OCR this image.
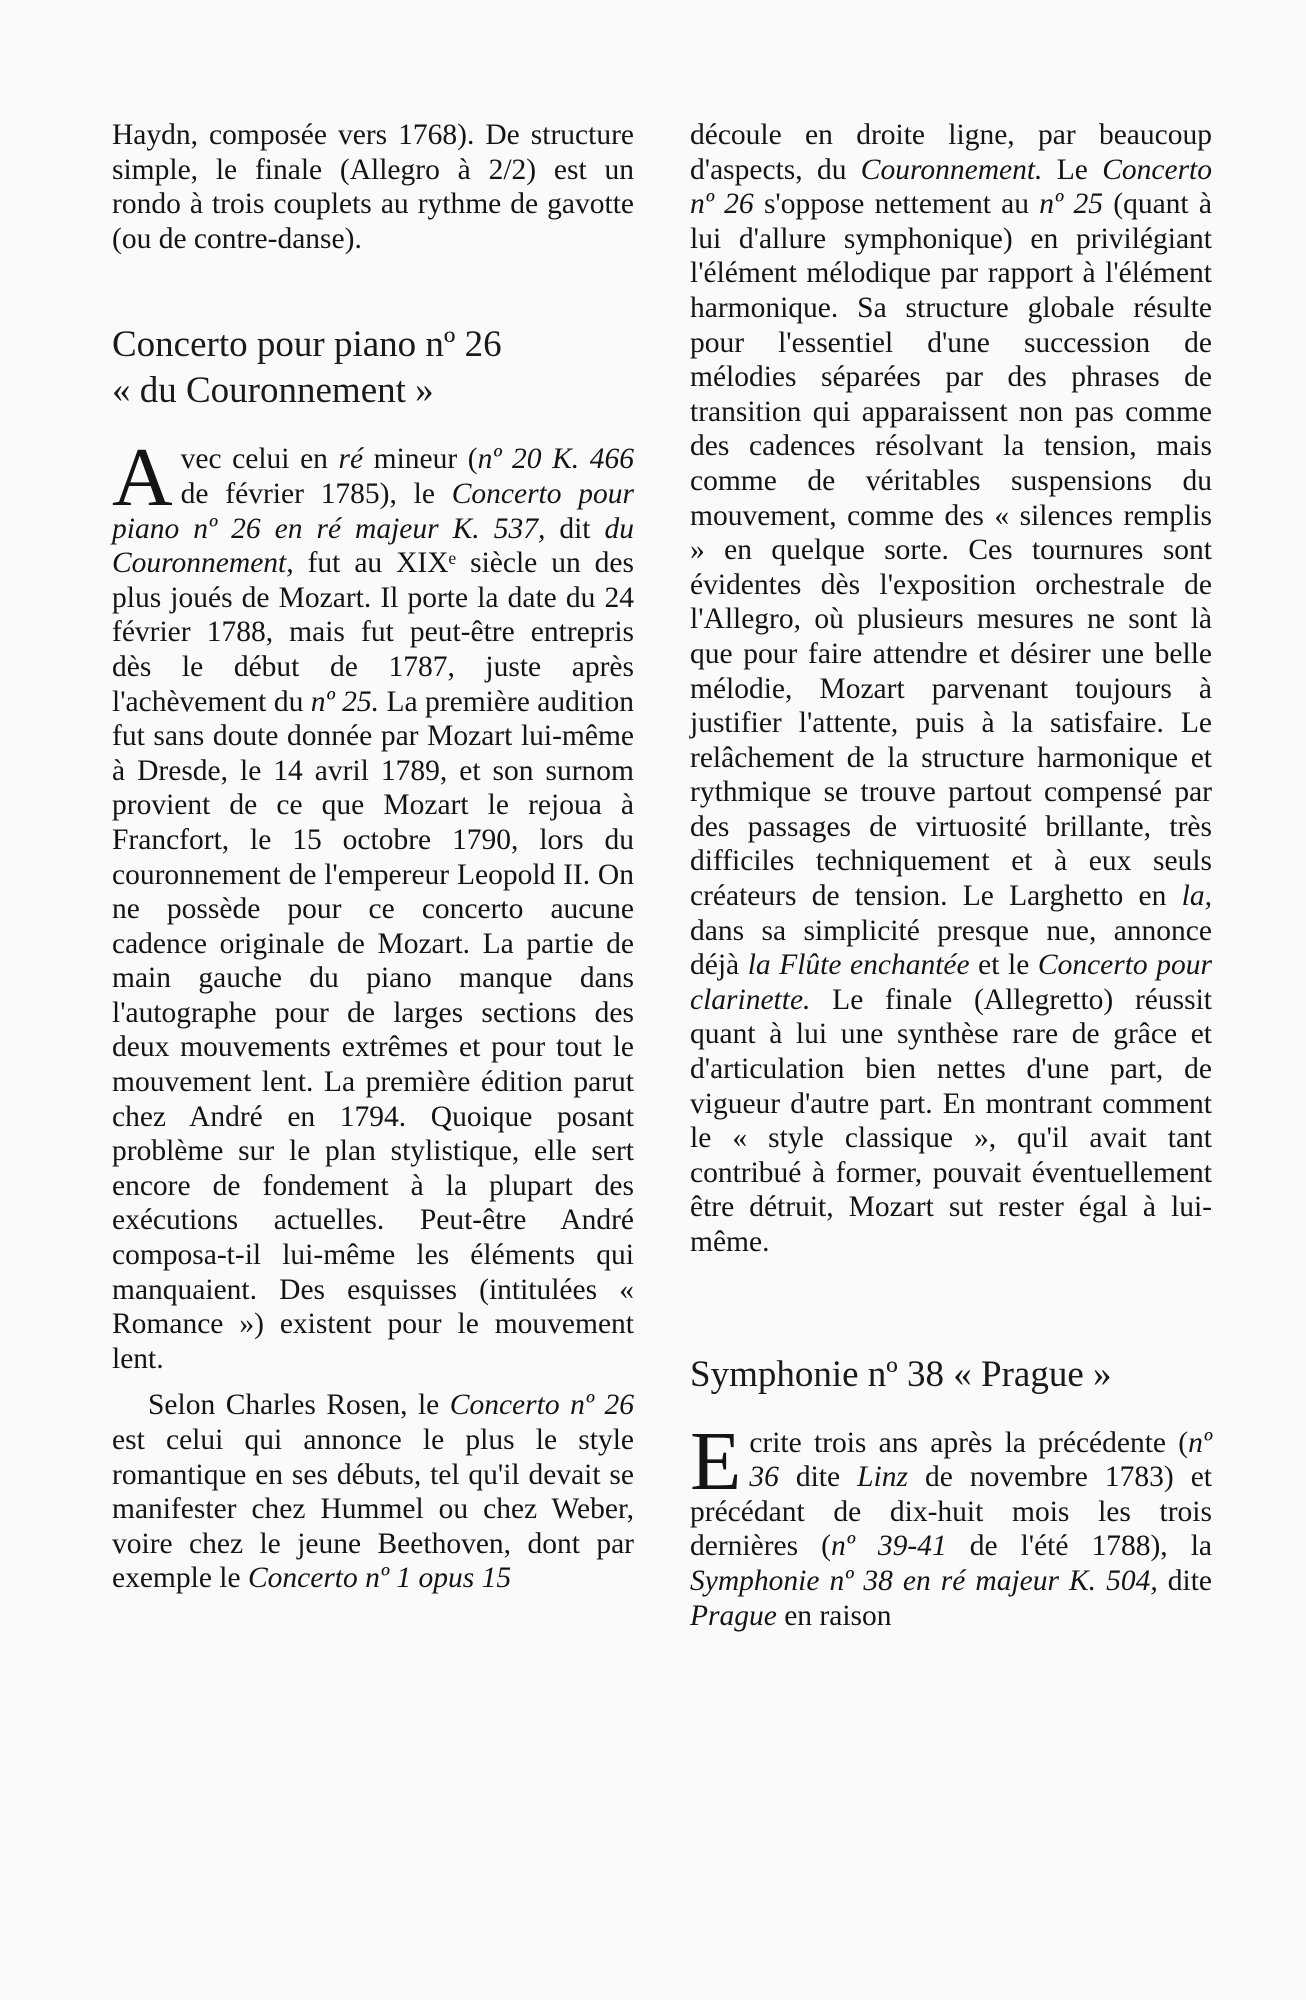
Haydn, composée vers 1768). De structure simple, le finale (Allegro à 2/2) est un rondo à trois couplets au rythme de gavotte (ou de contre-danse).

Concerto pour piano nº 26
« du Couronnement »

Avec celui en ré mineur (nº 20 K. 466 de février 1785), le Concerto pour piano nº 26 en ré majeur K. 537, dit du Couronnement, fut au XIXᵉ siècle un des plus joués de Mozart. Il porte la date du 24 février 1788, mais fut peut-être entrepris dès le début de 1787, juste après l'achèvement du nº 25. La première audition fut sans doute donnée par Mozart lui-même à Dresde, le 14 avril 1789, et son surnom provient de ce que Mozart le rejoua à Francfort, le 15 octobre 1790, lors du couronnement de l'empereur Leopold II. On ne possède pour ce concerto aucune cadence originale de Mozart. La partie de main gauche du piano manque dans l'autographe pour de larges sections des deux mouvements extrêmes et pour tout le mouvement lent. La première édition parut chez André en 1794. Quoique posant problème sur le plan stylistique, elle sert encore de fondement à la plupart des exécutions actuelles. Peut-être André composa-t-il lui-même les éléments qui manquaient. Des esquisses (intitulées « Romance ») existent pour le mouvement lent.

Selon Charles Rosen, le Concerto nº 26 est celui qui annonce le plus le style romantique en ses débuts, tel qu'il devait se manifester chez Hummel ou chez Weber, voire chez le jeune Beethoven, dont par exemple le Concerto nº 1 opus 15

découle en droite ligne, par beaucoup d'aspects, du Couronnement. Le Concerto nº 26 s'oppose nettement au nº 25 (quant à lui d'allure symphonique) en privilégiant l'élément mélodique par rapport à l'élément harmonique. Sa structure globale résulte pour l'essentiel d'une succession de mélodies séparées par des phrases de transition qui apparaissent non pas comme des cadences résolvant la tension, mais comme de véritables suspensions du mouvement, comme des « silences remplis » en quelque sorte. Ces tournures sont évidentes dès l'exposition orchestrale de l'Allegro, où plusieurs mesures ne sont là que pour faire attendre et désirer une belle mélodie, Mozart parvenant toujours à justifier l'attente, puis à la satisfaire. Le relâchement de la structure harmonique et rythmique se trouve partout compensé par des passages de virtuosité brillante, très difficiles techniquement et à eux seuls créateurs de tension. Le Larghetto en la, dans sa simplicité presque nue, annonce déjà la Flûte enchantée et le Concerto pour clarinette. Le finale (Allegretto) réussit quant à lui une synthèse rare de grâce et d'articulation bien nettes d'une part, de vigueur d'autre part. En montrant comment le « style classique », qu'il avait tant contribué à former, pouvait éventuellement être détruit, Mozart sut rester égal à lui-même.

Symphonie nº 38 « Prague »

Ecrite trois ans après la précédente (nº 36 dite Linz de novembre 1783) et précédant de dix-huit mois les trois dernières (nº 39-41 de l'été 1788), la Symphonie nº 38 en ré majeur K. 504, dite Prague en raison
